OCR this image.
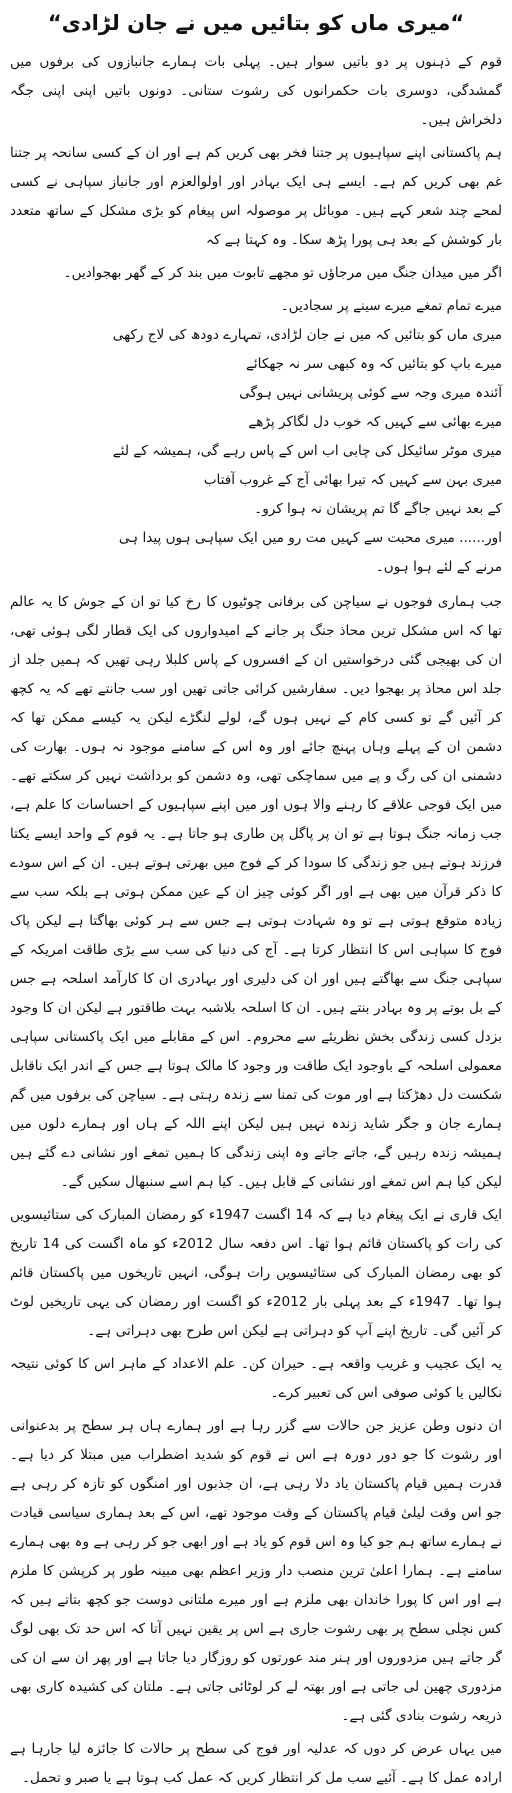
“میری ماں کو بتائیں میں نے جان لڑادی“

قوم کے ذہنوں پر دو باتیں سوار ہیں۔ پہلی بات ہمارے جانبازوں کی برفوں میں گمشدگی، دوسری بات حکمرانوں کی رشوت ستانی۔ دونوں باتیں اپنی اپنی جگہ دلخراش ہیں۔

ہم پاکستانی اپنے سپاہیوں پر جتنا فخر بھی کریں کم ہے اور ان کے کسی سانحہ پر جتنا غم بھی کریں کم ہے۔ ایسے ہی ایک بہادر اور اولوالعزم اور جانباز سپاہی نے کسی لمحے چند شعر کہے ہیں۔ موبائل پر موصولہ اس پیغام کو بڑی مشکل کے ساتھ متعدد بار کوشش کے بعد ہی پورا پڑھ سکا۔ وہ کہتا ہے کہ

اگر میں میدان جنگ میں مرجاؤں تو مجھے تابوت میں بند کر کے گھر بھجوادیں۔

میرے تمام تمغے میرے سینے پر سجادیں۔

میری ماں کو بتائیں کہ میں نے جان لڑادی، تمہارے دودھ کی لاج رکھی

میرے باپ کو بتائیں کہ وہ کبھی سر نہ جھکائے

آئندہ میری وجہ سے کوئی پریشانی نہیں ہوگی

میرے بھائی سے کہیں کہ خوب دل لگاکر پڑھے

میری موٹر سائیکل کی چابی اب اس کے پاس رہے گی، ہمیشہ کے لئے

میری بہن سے کہیں کہ تیرا بھائی آج کے غروب آفتاب

کے بعد نہیں جاگے گا تم پریشان نہ ہوا کرو۔

اور...... میری محبت سے کہیں مت رو میں ایک سپاہی ہوں پیدا ہی

مرنے کے لئے ہوا ہوں۔

جب ہماری فوجوں نے سیاچن کی برفانی چوٹیوں کا رخ کیا تو ان کے جوش کا یہ عالم تھا کہ اس مشکل ترین محاذ جنگ پر جانے کے امیدواروں کی ایک قطار لگی ہوئی تھی، ان کی بھیجی گئی درخواستیں ان کے افسروں کے پاس کلبلا رہی تھیں کہ ہمیں جلد از جلد اس محاذ پر بھجوا دیں۔ سفارشیں کرائی جاتی تھیں اور سب جانتے تھے کہ یہ کچھ کر آئیں گے تو کسی کام کے نہیں ہوں گے، لولے لنگڑے لیکن یہ کیسے ممکن تھا کہ دشمن ان کے پہلے وہاں پہنچ جائے اور وہ اس کے سامنے موجود نہ ہوں۔ بھارت کی دشمنی ان کی رگ و پے میں سماچکی تھی، وہ دشمن کو برداشت نہیں کر سکتے تھے۔ میں ایک فوجی علاقے کا رہنے والا ہوں اور میں اپنے سپاہیوں کے احساسات کا علم ہے، جب زمانہ جنگ ہوتا ہے تو ان پر پاگل پن طاری ہو جاتا ہے۔ یہ قوم کے واحد ایسے یکتا فرزند ہوتے ہیں جو زندگی کا سودا کر کے فوج میں بھرتی ہوتے ہیں۔ ان کے اس سودے کا ذکر قرآن میں بھی ہے اور اگر کوئی چیز ان کے عین ممکن ہوتی ہے بلکہ سب سے زیادہ متوقع ہوتی ہے تو وہ شہادت ہوتی ہے جس سے ہر کوئی بھاگتا ہے لیکن پاک فوج کا سپاہی اس کا انتظار کرتا ہے۔ آج کی دنیا کی سب سے بڑی طاقت امریکہ کے سپاہی جنگ سے بھاگتے ہیں اور ان کی دلیری اور بہادری ان کا کارآمد اسلحہ ہے جس کے بل بوتے پر وہ بہادر بنتے ہیں۔ ان کا اسلحہ بلاشبہ بہت طاقتور ہے لیکن ان کا وجود بزدل کسی زندگی بخش نظریئے سے محروم۔ اس کے مقابلے میں ایک پاکستانی سپاہی معمولی اسلحہ کے باوجود ایک طاقت ور وجود کا مالک ہوتا ہے جس کے اندر ایک ناقابل شکست دل دھڑکتا ہے اور موت کی تمنا سے زندہ رہتی ہے۔ سیاچن کی برفوں میں گم ہمارے جان و جگر شاید زندہ نہیں ہیں لیکن اپنے اللہ کے ہاں اور ہمارے دلوں میں ہمیشہ زندہ رہیں گے، جاتے جاتے وہ اپنی زندگی کا ہمیں تمغے اور نشانی دے گئے ہیں لیکن کیا ہم اس تمغے اور نشانی کے قابل ہیں۔ کیا ہم اسے سنبھال سکیں گے۔

ایک قاری نے ایک پیغام دیا ہے کہ 14 اگست 1947ء کو رمضان المبارک کی ستائیسویں کی رات کو پاکستان قائم ہوا تھا۔ اس دفعہ سال 2012ء کو ماہ اگست کی 14 تاریخ کو بھی رمضان المبارک کی ستائیسویں رات ہوگی، انہیں تاریخوں میں پاکستان قائم ہوا تھا۔ 1947ء کے بعد پہلی بار 2012ء کو اگست اور رمضان کی یہی تاریخیں لوٹ کر آئیں گی۔ تاریخ اپنے آپ کو دہراتی ہے لیکن اس طرح بھی دہراتی ہے۔

یہ ایک عجیب و غریب واقعہ ہے۔ حیران کن۔ علم الاعداد کے ماہر اس کا کوئی نتیجہ نکالیں یا کوئی صوفی اس کی تعبیر کرے۔

ان دنوں وطن عزیز جن حالات سے گزر رہا ہے اور ہمارے ہاں ہر سطح پر بدعنوانی اور رشوت کا جو دور دورہ ہے اس نے قوم کو شدید اضطراب میں مبتلا کر دیا ہے۔ قدرت ہمیں قیام پاکستان یاد دلا رہی ہے، ان جذبوں اور امنگوں کو تازہ کر رہی ہے جو اس وقت لیلیٰ قیام پاکستان کے وقت موجود تھے، اس کے بعد ہماری سیاسی قیادت نے ہمارے ساتھ ہم جو کیا وہ اس قوم کو یاد ہے اور ابھی جو کر رہی ہے وہ بھی ہمارے سامنے ہے۔ ہمارا اعلیٰ ترین منصب دار وزیر اعظم بھی مبینہ طور پر کرپشن کا ملزم ہے اور اس کا پورا خاندان بھی ملزم ہے اور میرے ملتانی دوست جو کچھ بتاتے ہیں کہ کس نچلی سطح پر بھی رشوت جاری ہے اس پر یقین نہیں آتا کہ اس حد تک بھی لوگ گر جاتے ہیں مزدوروں اور ہنر مند عورتوں کو روزگار دیا جاتا ہے اور پھر ان سے ان کی مزدوری چھین لی جاتی ہے اور بھتہ لے کر لوٹائی جاتی ہے۔ ملتان کی کشیدہ کاری بھی ذریعہ رشوت بنادی گئی ہے۔

میں یہاں عرض کر دوں کہ عدلیہ اور فوج کی سطح پر حالات کا جائزہ لیا جارہا ہے ارادہ عمل کا ہے۔ آئیے سب مل کر انتظار کریں کہ عمل کب ہوتا ہے یا صبر و تحمل۔
